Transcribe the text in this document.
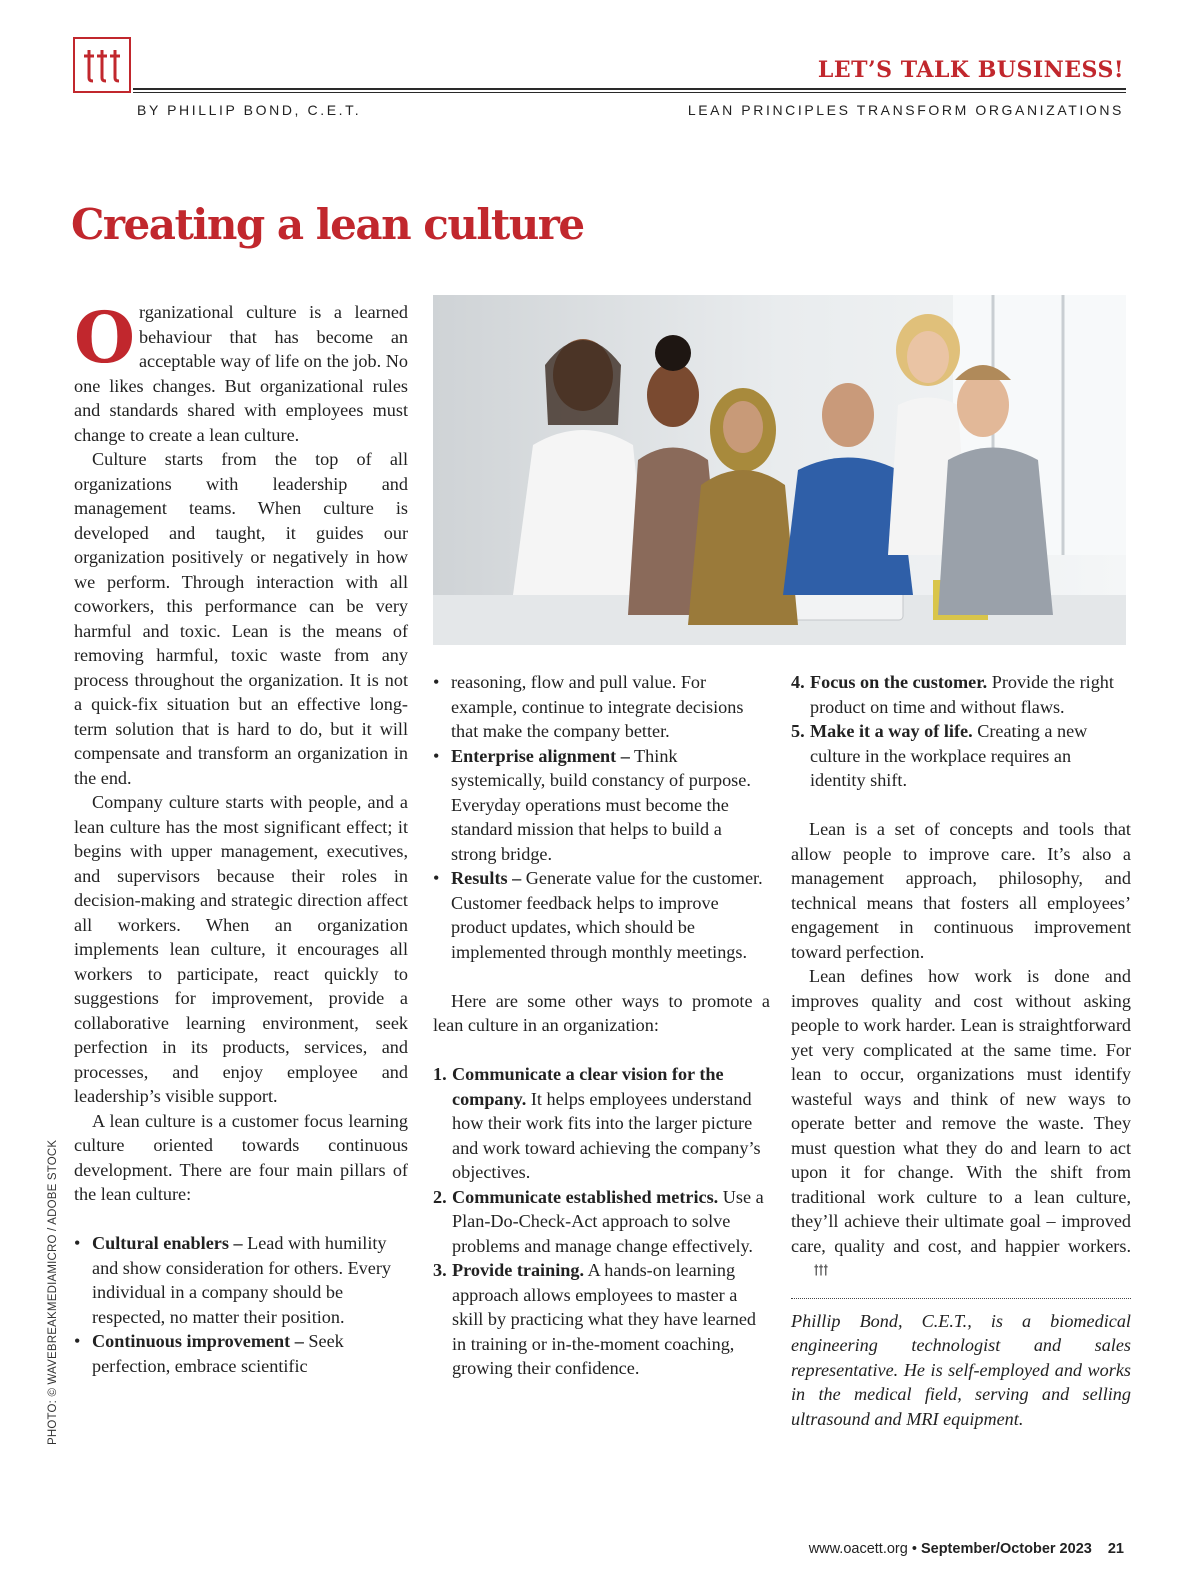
LET’S TALK BUSINESS!
BY PHILLIP BOND, C.E.T.	LEAN PRINCIPLES TRANSFORM ORGANIZATIONS
Creating a lean culture
PHOTO: © WAVEBREAKMEDIAMICRO / ADOBE STOCK

Organizational culture is a learned behaviour that has become an acceptable way of life on the job. No one likes changes. But organizational rules and standards shared with employees must change to create a lean culture.

Culture starts from the top of all organizations with leadership and management teams. When culture is developed and taught, it guides our organization positively or negatively in how we perform. Through interaction with all coworkers, this performance can be very harmful and toxic. Lean is the means of removing harmful, toxic waste from any process throughout the organization. It is not a quick-fix situation but an effective long-term solution that is hard to do, but it will compensate and transform an organization in the end.

Company culture starts with people, and a lean culture has the most significant effect; it begins with upper management, executives, and supervisors because their roles in decision-making and strategic direction affect all workers. When an organization implements lean culture, it encourages all workers to participate, react quickly to suggestions for improvement, provide a collaborative learning environment, seek perfection in its products, services, and processes, and enjoy employee and leadership’s visible support.

A lean culture is a customer focus learning culture oriented towards continuous development. There are four main pillars of the lean culture:

• Cultural enablers – Lead with humility and show consideration for others. Every individual in a company should be respected, no matter their position.
• Continuous improvement – Seek perfection, embrace scientific
• reasoning, flow and pull value. For example, continue to integrate decisions that make the company better.
• Enterprise alignment – Think systemically, build constancy of purpose. Everyday operations must become the standard mission that helps to build a strong bridge.
• Results – Generate value for the customer. Customer feedback helps to improve product updates, which should be implemented through monthly meetings.

Here are some other ways to promote a lean culture in an organization:

1. Communicate a clear vision for the company. It helps employees understand how their work fits into the larger picture and work toward achieving the company’s objectives.
2. Communicate established metrics. Use a Plan-Do-Check-Act approach to solve problems and manage change effectively.
3. Provide training. A hands-on learning approach allows employees to master a skill by practicing what they have learned in training or in-the-moment coaching, growing their confidence.
4. Focus on the customer. Provide the right product on time and without flaws.
5. Make it a way of life. Creating a new culture in the workplace requires an identity shift.

Lean is a set of concepts and tools that allow people to improve care. It’s also a management approach, philosophy, and technical means that fosters all employees’ engagement in continuous improvement toward perfection.

Lean defines how work is done and improves quality and cost without asking people to work harder. Lean is straightforward yet very complicated at the same time. For lean to occur, organizations must identify wasteful ways and think of new ways to operate better and remove the waste. They must question what they do and learn to act upon it for change. With the shift from traditional work culture to a lean culture, they’ll achieve their ultimate goal – improved care, quality and cost, and happier workers.

Phillip Bond, C.E.T., is a biomedical engineering technologist and sales representative. He is self-employed and works in the medical field, serving and selling ultrasound and MRI equipment.

www.oacett.org • September/October 2023 21
